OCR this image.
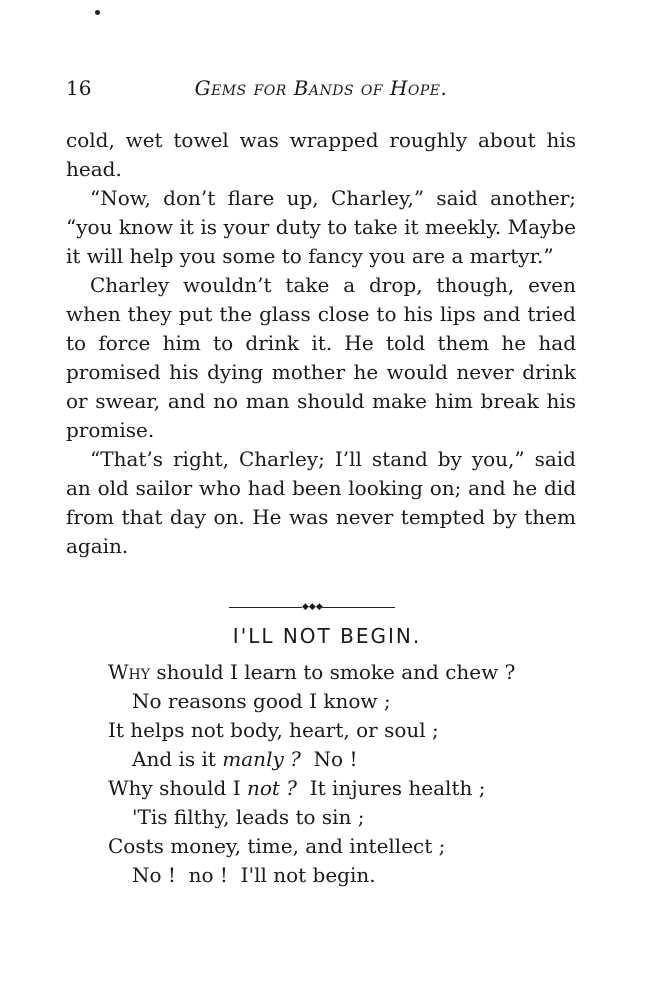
16	Gems for Bands of Hope.

cold, wet towel was wrapped roughly about his head.

“Now, don’t flare up, Charley,” said another; “you know it is your duty to take it meekly. Maybe it will help you some to fancy you are a martyr.”

Charley wouldn’t take a drop, though, even when they put the glass close to his lips and tried to force him to drink it. He told them he had promised his dying mother he would never drink or swear, and no man should make him break his promise.

“That’s right, Charley; I’ll stand by you,” said an old sailor who had been looking on; and he did from that day on. He was never tempted by them again.

◆◆◆
I'LL NOT BEGIN.
Why should I learn to smoke and chew ?
No reasons good I know ;
It helps not body, heart, or soul ;
And is it manly ?  No !
Why should I not ?  It injures health ;
'Tis filthy, leads to sin ;
Costs money, time, and intellect ;
No !  no !  I'll not begin.
